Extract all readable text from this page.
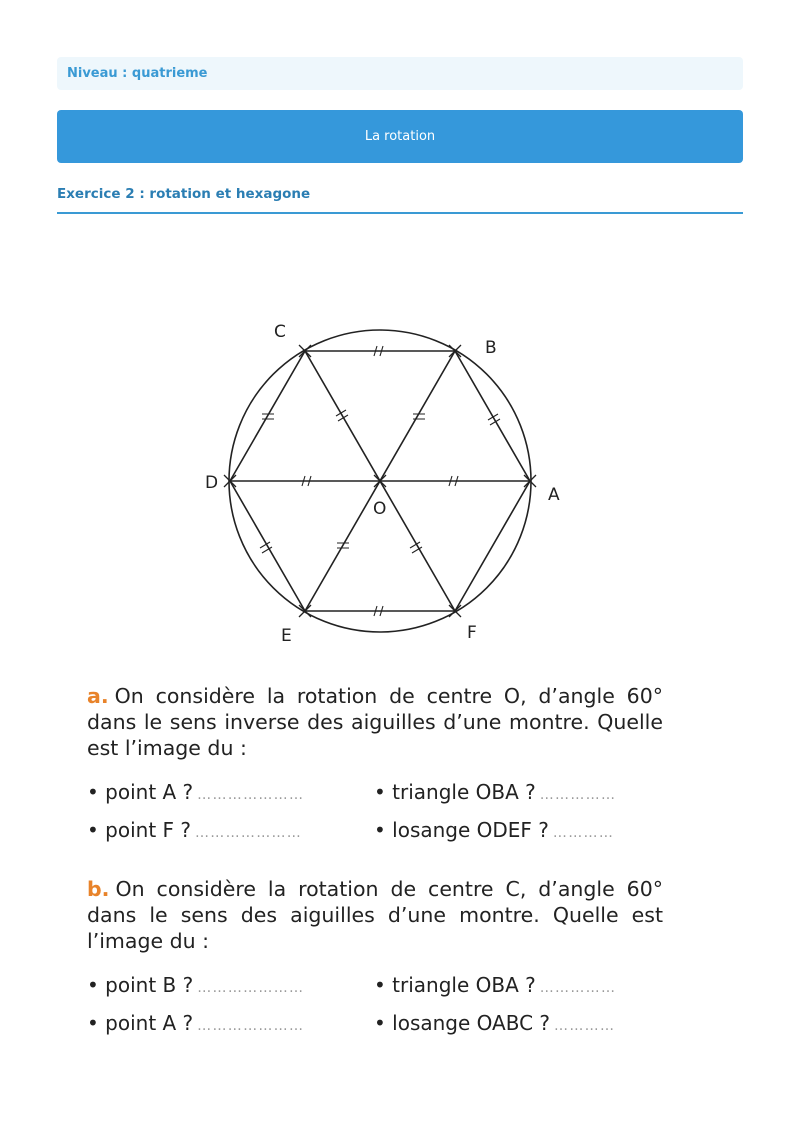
Niveau : quatrieme
La rotation
Exercice 2 : rotation et hexagone
C
B
D
A
O
E	F

a. On considère la rotation de centre O, d’angle 60° dans le sens inverse des aiguilles d’une montre. Quelle est l’image du :

• point A ? …………………	• triangle OBA ? ……………
• point F ? …………………	• losange ODEF ? …………

b. On considère la rotation de centre C, d’angle 60° dans le sens des aiguilles d’une montre. Quelle est l’image du :

• point B ? …………………	• triangle OBA ? ……………
• point A ? …………………	• losange OABC ? …………
